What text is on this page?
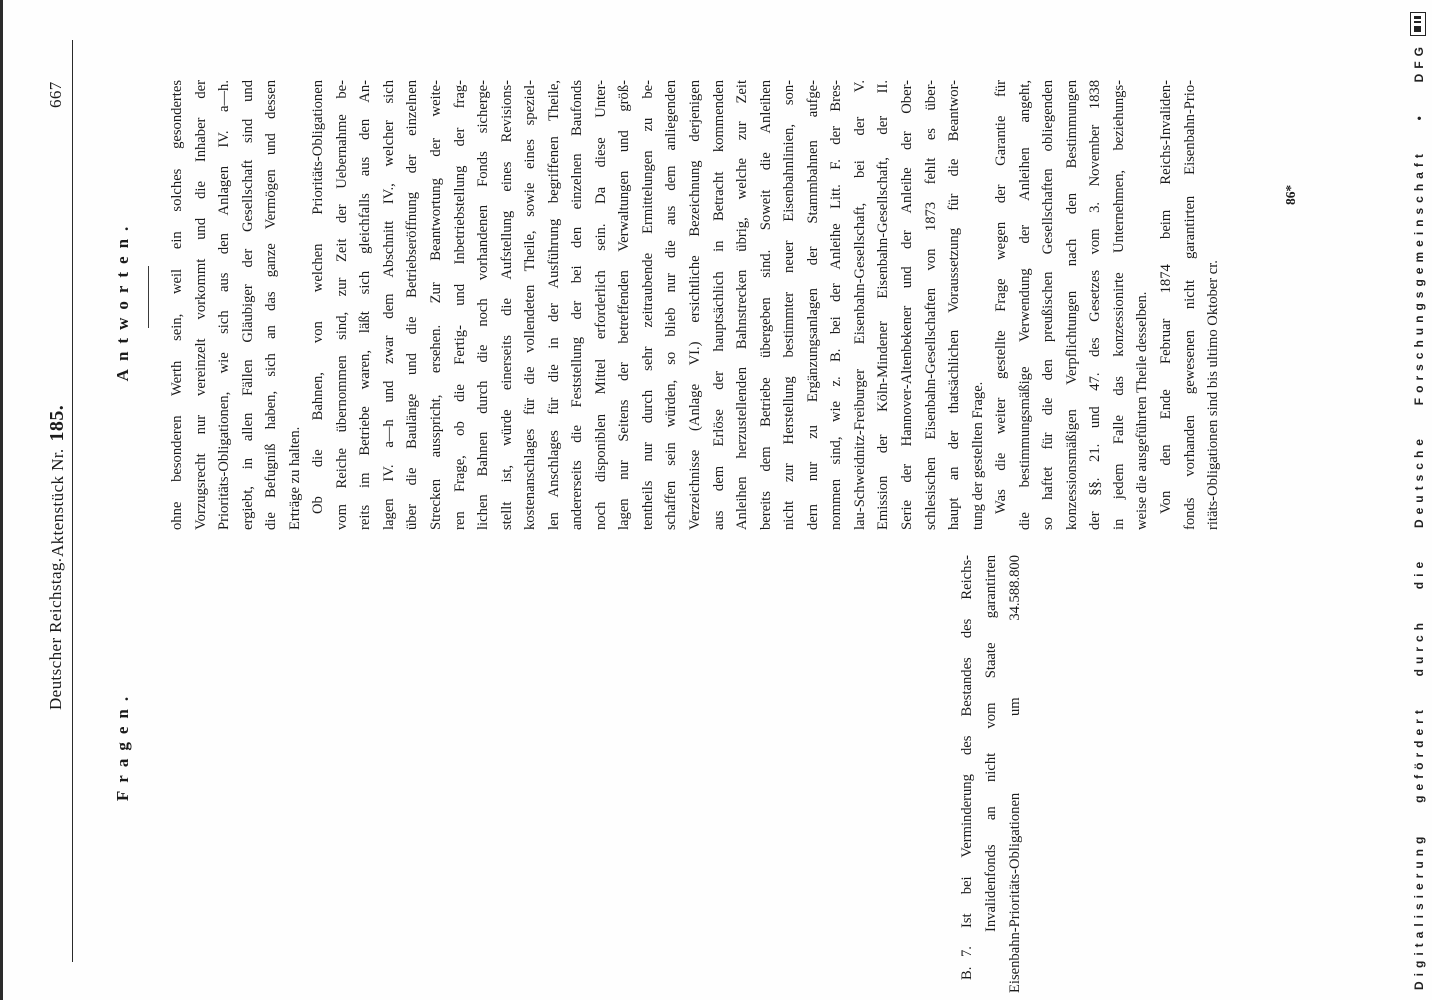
Deutscher Reichstag.
Aktenstück Nr.185.
667
Fragen.
Antworten.	ohne besonderen Werth sein, weil ein solches gesondertes Vorzugsrecht nur vereinzelt vorkommt und die Inhaber der Prioritäts-Obligationen, wie sich aus den Anlagen IV. a—h. ergiebt, in allen Fällen Gläubiger der Gesellschaft sind und die Befugniß haben, sich an das ganze Vermögen und dessen Erträge zu halten. Ob die Bahnen, von welchen Prioritäts-Obligationen vom Reiche übernommen sind, zur Zeit der Uebernahme be- reits im Betriebe waren, läßt sich gleichfalls aus den An- lagen IV. a—h und zwar dem Abschnitt IV., welcher sich über die Baulänge und die Betriebseröffnung der einzelnen Strecken ausspricht, ersehen. Zur Beantwortung der weite- ren Frage, ob die Fertig- und Inbetriebstellung der frag- lichen Bahnen durch die noch vorhandenen Fonds sicherge- stellt ist, würde einerseits die Aufstellung eines Revisions- kostenanschlages für die vollendeten Theile, sowie eines speziel- len Anschlages für die in der Ausführung begriffenen Theile, andererseits die Feststellung der bei den einzelnen Baufonds noch disponiblen Mittel erforderlich sein. Da diese Unter- lagen nur Seitens der betreffenden Verwaltungen und größ- tentheils nur durch sehr zeitraubende Ermittelungen zu be- schaffen sein würden, so blieb nur die aus dem anliegenden Verzeichnisse (Anlage VI.) ersichtliche Bezeichnung derjenigen aus dem Erlöse der hauptsächlich in Betracht kommenden Anleihen herzustellenden Bahnstrecken übrig, welche zur Zeit bereits dem Betriebe übergeben sind. Soweit die Anleihen nicht zur Herstellung bestimmter neuer Eisenbahnlinien, son- dern nur zu Ergänzungsanlagen der Stammbahnen aufge- nommen sind, wie z. B. bei der Anleihe Litt. F. der Bres- lau-Schweidnitz-Freiburger Eisenbahn-Gesellschaft, bei der V. Emission der Köln-Mindener Eisenbahn-Gesellschaft, der II. Serie der Hannover-Altenbekener und der Anleihe der Ober- schlesischen Eisenbahn-Gesellschaften von 1873 fehlt es über- haupt an der thatsächlichen Voraussetzung für die Beantwor- tung der gestellten Frage. Was die weiter gestellte Frage wegen der Garantie für die bestimmungsmäßige Verwendung der Anleihen angeht, so haftet für die den preußischen Gesellschaften obliegenden konzessionsmäßigen Verpflichtungen nach den Bestimmungen der §§. 21. und 47. des Gesetzes vom 3. November 1838 in jedem Falle das konzessionirte Unternehmen, beziehungs- weise die ausgeführten Theile desselben. Von den Ende Februar 1874 beim Reichs-Invaliden- fonds vorhanden gewesenen nicht garantirten Eisenbahn-Prio- ritäts-Obligationen sind bis ultimo Oktober cr.
B.
7.
Ist bei Verminderung des Bestandes des Reichs- Invalidenfonds an nicht vom Staate garantirten Eisenbahn-Prioritäts-Obligationen um 34.588.800
86*	Digitalisierung gefördert durch die Deutsche Forschungsgemeinschaft • DFG
